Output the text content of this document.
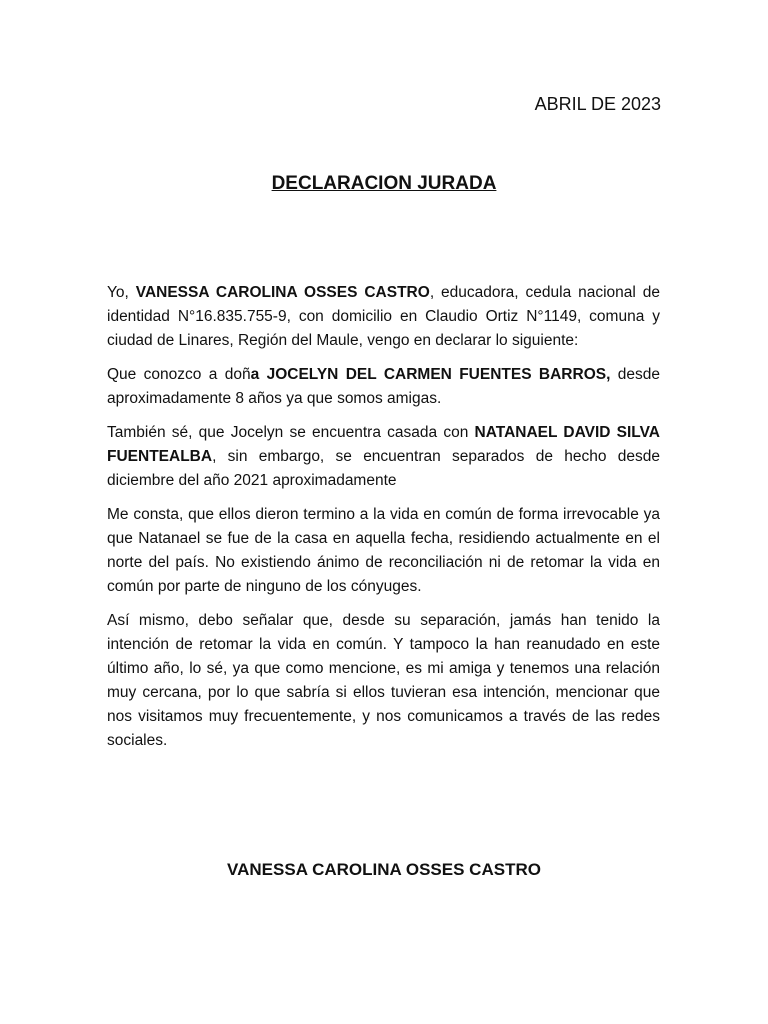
ABRIL DE 2023
DECLARACION JURADA

Yo, VANESSA CAROLINA OSSES CASTRO, educadora, cedula nacional de identidad N°16.835.755-9, con domicilio en Claudio Ortiz N°1149, comuna y ciudad de Linares, Región del Maule, vengo en declarar lo siguiente:

Que conozco a doña JOCELYN DEL CARMEN FUENTES BARROS, desde aproximadamente 8 años ya que somos amigas.

También sé, que Jocelyn se encuentra casada con NATANAEL DAVID SILVA FUENTEALBA, sin embargo, se encuentran separados de hecho desde diciembre del año 2021 aproximadamente

Me consta, que ellos dieron termino a la vida en común de forma irrevocable ya que Natanael se fue de la casa en aquella fecha, residiendo actualmente en el norte del país. No existiendo ánimo de reconciliación ni de retomar la vida en común por parte de ninguno de los cónyuges.

Así mismo, debo señalar que, desde su separación, jamás han tenido la intención de retomar la vida en común. Y tampoco la han reanudado en este último año, lo sé, ya que como mencione, es mi amiga y tenemos una relación muy cercana, por lo que sabría si ellos tuvieran esa intención, mencionar que nos visitamos muy frecuentemente, y nos comunicamos a través de las redes sociales.

VANESSA CAROLINA OSSES CASTRO
